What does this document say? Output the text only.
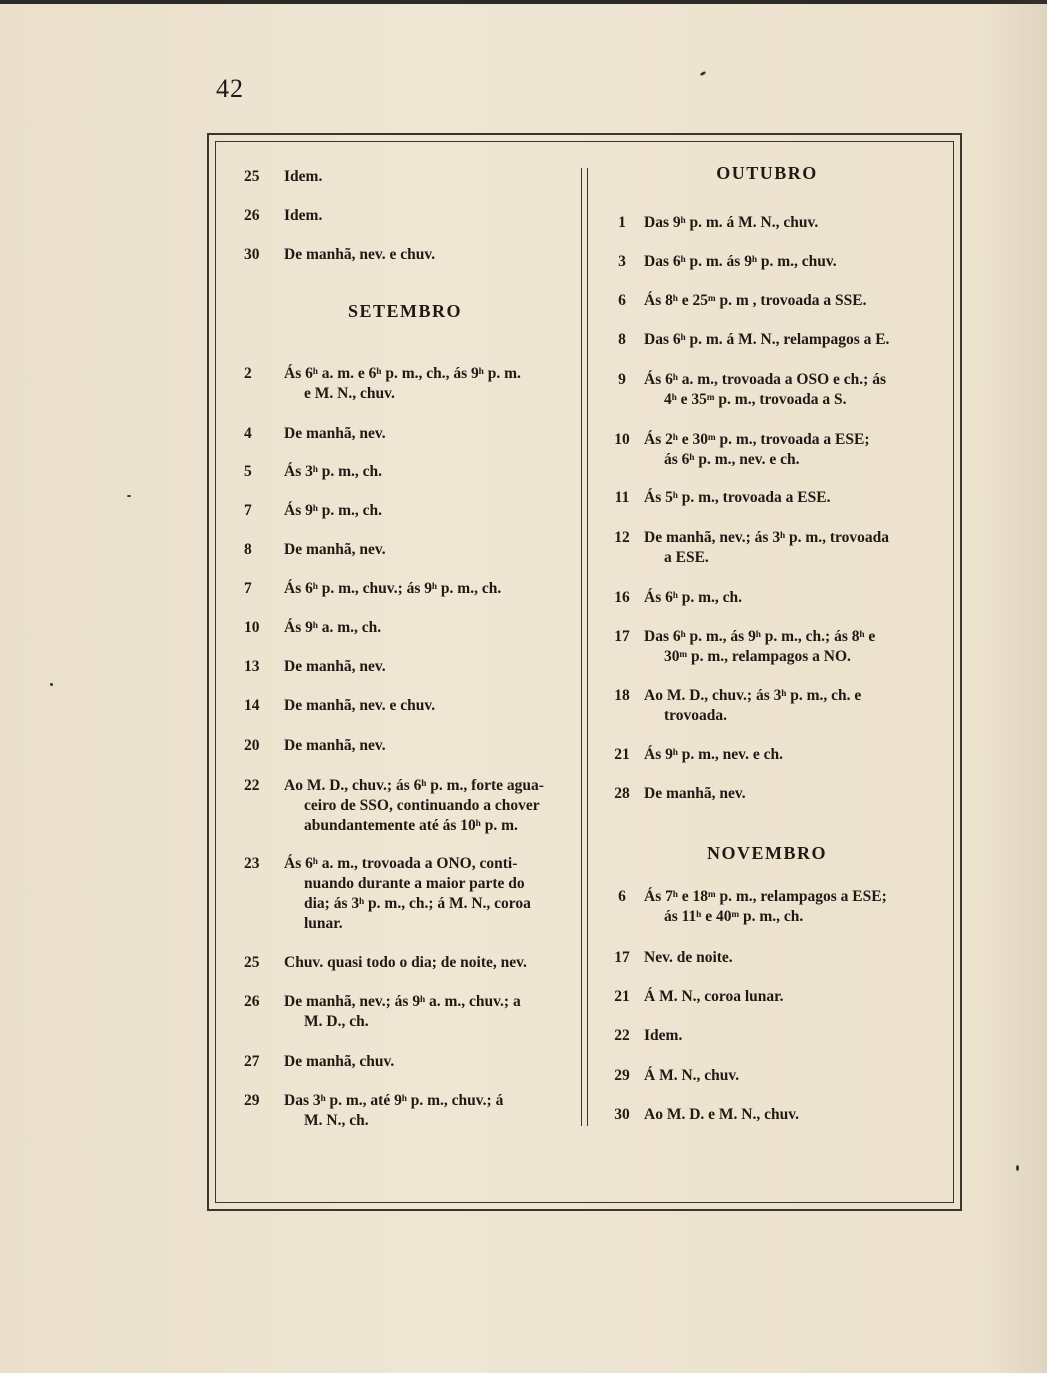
42
25	Idem.
26	Idem.
30	De manhã, nev. e chuv.
SETEMBRO
2	Ás 6ʰ a. m. e 6ʰ p. m., ch., ás 9ʰ p. m.
e M. N., chuv.
4	De manhã, nev.
5	Ás 3ʰ p. m., ch.
7	Ás 9ʰ p. m., ch.
8	De manhã, nev.
7	Ás 6ʰ p. m., chuv.; ás 9ʰ p. m., ch.
10	Ás 9ʰ a. m., ch.
13	De manhã, nev.
14	De manhã, nev. e chuv.
20	De manhã, nev.
22	Ao M. D., chuv.; ás 6ʰ p. m., forte agua-
ceiro de SSO, continuando a chover
abundantemente até ás 10ʰ p. m.
23	Ás 6ʰ a. m., trovoada a ONO, conti-
nuando durante a maior parte do
dia; ás 3ʰ p. m., ch.; á M. N., coroa
lunar.
25	Chuv. quasi todo o dia; de noite, nev.
26	De manhã, nev.; ás 9ʰ a. m., chuv.; a
M. D., ch.
27	De manhã, chuv.
29	Das 3ʰ p. m., até 9ʰ p. m., chuv.; á
M. N., ch.
OUTUBRO
1	Das 9ʰ p. m. á M. N., chuv.
3	Das 6ʰ p. m. ás 9ʰ p. m., chuv.
6	Ás 8ʰ e 25ᵐ p. m , trovoada a SSE.
8	Das 6ʰ p. m. á M. N., relampagos a E.
9	Ás 6ʰ a. m., trovoada a OSO e ch.; ás
4ʰ e 35ᵐ p. m., trovoada a S.
10 Ás 2ʰ e 30ᵐ p. m., trovoada a ESE;
ás 6ʰ p. m., nev. e ch.
11 Ás 5ʰ p. m., trovoada a ESE.
12 De manhã, nev.; ás 3ʰ p. m., trovoada
a ESE.
16 Ás 6ʰ p. m., ch.
17 Das 6ʰ p. m., ás 9ʰ p. m., ch.; ás 8ʰ e
30ᵐ p. m., relampagos a NO.
18 Ao M. D., chuv.; ás 3ʰ p. m., ch. e
trovoada.
21 Ás 9ʰ p. m., nev. e ch.
28 De manhã, nev.
NOVEMBRO
6	Ás 7ʰ e 18ᵐ p. m., relampagos a ESE;
ás 11ʰ e 40ᵐ p. m., ch.
17 Nev. de noite.
21 Á M. N., coroa lunar.
22 Idem.
29 Á M. N., chuv.
30 Ao M. D. e M. N., chuv.
